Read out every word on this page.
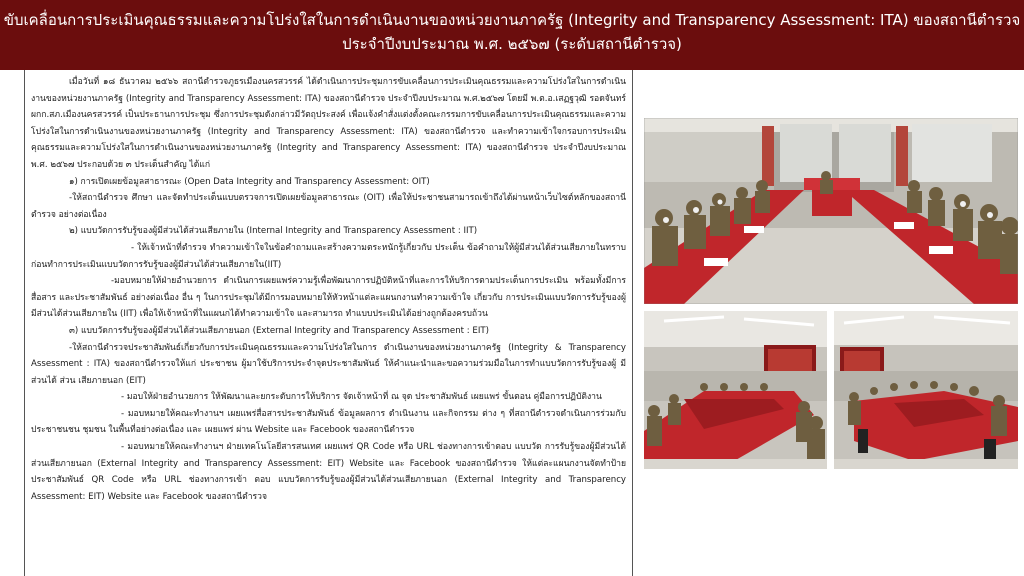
ขับเคลื่อนการประเมินคุณธรรมและความโปร่งใสในการดำเนินงานของหน่วยงานภาครัฐ (Integrity and Transparency Assessment: ITA) ของสถานีตำรวจ
ประจำปีงบประมาณ พ.ศ. ๒๕๖๗ (ระดับสถานีตำรวจ)

เมื่อวันที่ ๑๘ ธันวาคม ๒๕๖๖ สถานีตำรวจภูธรเมืองนครสวรรค์ ได้ดำเนินการประชุมการขับเคลื่อนการประเมินคุณธรรมและความโปร่งใสในการดำเนินงานของหน่วยงานภาครัฐ (Integrity and Transparency Assessment: ITA) ของสถานีตำรวจ ประจำปีงบประมาณ พ.ศ.๒๕๖๗ โดยมี พ.ต.อ.เสฏฐวุฒิ รอดจันทร์ ผกก.สภ.เมืองนครสวรรค์ เป็นประธานการประชุม ซึ่งการประชุมดังกล่าวมีวัตถุประสงค์ เพื่อแจ้งคำสั่งแต่งตั้งคณะกรรมการขับเคลื่อนการประเมินคุณธรรมและความโปร่งใสในการดำเนินงานของหน่วยงานภาครัฐ (Integrity and Transparency Assessment: ITA) ของสถานีตำรวจ และทำความเข้าใจกรอบการประเมินคุณธรรมและความโปร่งใสในการดำเนินงานของหน่วยงานภาครัฐ (Integrity and Transparency Assessment: ITA) ของสถานีตำรวจ ประจำปีงบประมาณ พ.ศ. ๒๕๖๗ ประกอบด้วย ๓ ประเด็นสำคัญ ได้แก่

๑) การเปิดเผยข้อมูลสาธารณะ (Open Data Integrity and Transparency Assessment: OIT)

-ให้สถานีตำรวจ ศึกษา และจัดทำประเด็นแบบตรวจการเปิดเผยข้อมูลสาธารณะ (OIT) เพื่อให้ประชาชนสามารถเข้าถึงได้ผ่านหน้าเว็บไซต์หลักของสถานีตำรวจ อย่างต่อเนื่อง

๒) แบบวัดการรับรู้ของผู้มีส่วนได้ส่วนเสียภายใน (Internal Integrity and Transparency Assessment : IIT)

- ให้เจ้าหน้าที่ตำรวจ ทำความเข้าใจในข้อคำถามและสร้างความตระหนักรู้เกี่ยวกับ ประเด็น ข้อคำถามให้ผู้มีส่วนได้ส่วนเสียภายในทราบก่อนทำการประเมินแบบวัดการรับรู้ของผู้มีส่วนได้ส่วนเสียภายใน(IIT)

-มอบหมายให้ฝ่ายอำนวยการ ดำเนินการเผยแพร่ความรู้เพื่อพัฒนาการปฏิบัติหน้าที่และการให้บริการตามประเด็นการประเมิน พร้อมทั้งมีการสื่อสาร และประชาสัมพันธ์ อย่างต่อเนื่อง อื่น ๆ ในการประชุมได้มีการมอบหมายให้หัวหน้าแต่ละแผนกงานทำความเข้าใจ เกี่ยวกับ การประเมินแบบวัดการรับรู้ของผู้มีส่วนได้ส่วนเสียภายใน (IIT) เพื่อให้เจ้าหน้าที่ในแผนกได้ทำความเข้าใจ และสามารถ ทำแบบประเมินได้อย่างถูกต้องครบถ้วน

๓) แบบวัดการรับรู้ของผู้มีส่วนได้ส่วนเสียภายนอก (External Integrity and Transparency Assessment : EIT)

-ให้สถานีตำรวจประชาสัมพันธ์เกี่ยวกับการประเมินคุณธรรมและความโปร่งใสในการ ดำเนินงานของหน่วยงานภาครัฐ (Integrity & Transparency Assessment : ITA) ของสถานีตำรวจให้แก่ ประชาชน ผู้มาใช้บริการประจำจุดประชาสัมพันธ์ ให้คำแนะนำและขอความร่วมมือในการทำแบบวัดการรับรู้ของผู้ มีส่วนได้ ส่วน เสียภายนอก (EIT)

- มอบให้ฝ่ายอำนวยการ ให้พัฒนาและยกระดับการให้บริการ จัดเจ้าหน้าที่ ณ จุด ประชาสัมพันธ์ เผยแพร่ ขั้นตอน คู่มือการปฏิบัติงาน

- มอบหมายให้คณะทำงานฯ เผยแพร่สื่อสารประชาสัมพันธ์ ข้อมูลผลการ ดำเนินงาน และกิจกรรม ต่าง ๆ ที่สถานีตำรวจดำเนินการร่วมกับประชาชนชน ชุมชน ในพื้นที่อย่างต่อเนื่อง และ เผยแพร่ ผ่าน Website และ Facebook ของสถานีตำรวจ

- มอบหมายให้คณะทำงานฯ ฝ่ายเทคโนโลยีสารสนเทศ เผยแพร่ QR Code หรือ URL ช่องทางการเข้าตอบ แบบวัด การรับรู้ของผู้มีส่วนได้ส่วนเสียภายนอก (External Integrity and Transparency Assessment: EIT) Website และ Facebook ของสถานีตำรวจ ให้แต่ละแผนกงานจัดทำป้ายประชาสัมพันธ์ QR Code หรือ URL ช่องทางการเข้า ตอบ แบบวัดการรับรู้ของผู้มีส่วนได้ส่วนเสียภายนอก (External Integrity and Transparency Assessment: EIT) Website และ Facebook ของสถานีตำรวจ
